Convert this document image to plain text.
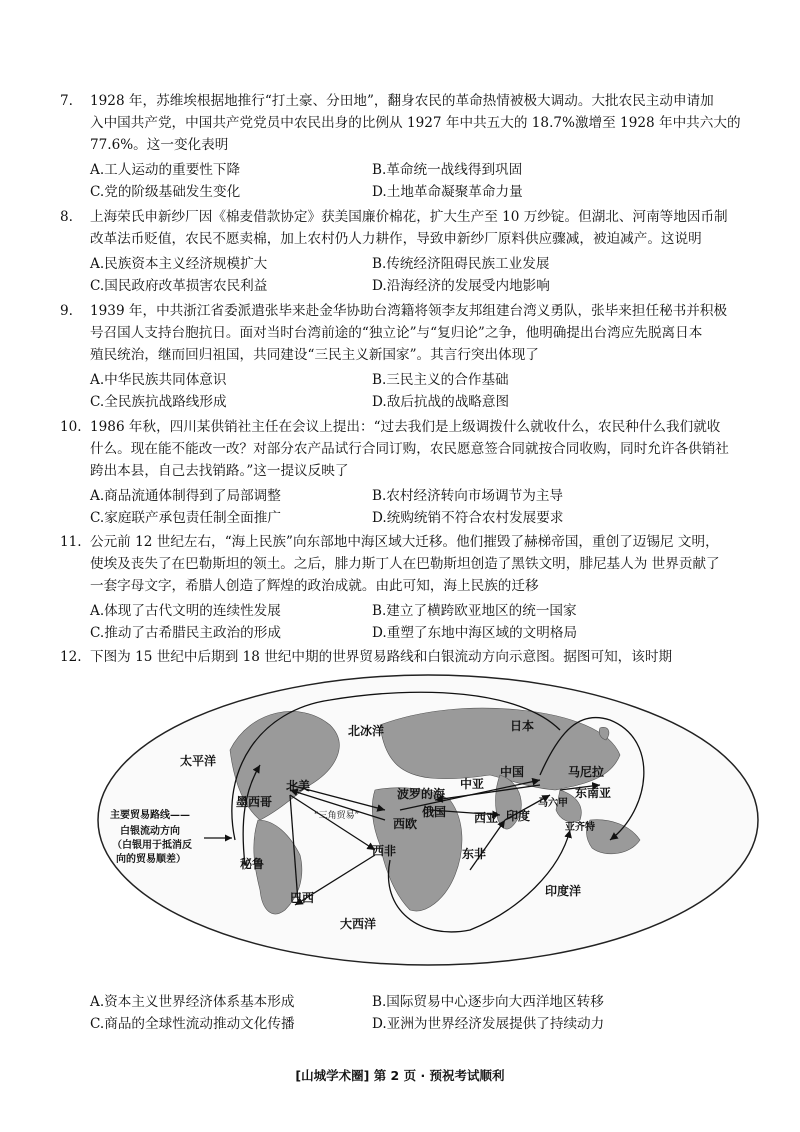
7. 1928 年，苏维埃根据地推行“打土豪、分田地”，翻身农民的革命热情被极大调动。大批农民主动申请加
入中国共产党，中国共产党党员中农民出身的比例从 1927 年中共五大的 18.7%激增至 1928 年中共六大的
77.6%。这一变化表明
A.工人运动的重要性下降	B.革命统一战线得到巩固
C.党的阶级基础发生变化	D.土地革命凝聚革命力量
8. 上海荣氏申新纱厂因《棉麦借款协定》获美国廉价棉花，扩大生产至 10 万纱锭。但湖北、河南等地因币制
改革法币贬值，农民不愿卖棉，加上农村仍人力耕作，导致申新纱厂原料供应骤减，被迫减产。这说明
A.民族资本主义经济规模扩大	B.传统经济阻碍民族工业发展
C.国民政府改革损害农民利益	D.沿海经济的发展受内地影响
9. 1939 年，中共浙江省委派遣张毕来赴金华协助台湾籍将领李友邦组建台湾义勇队，张毕来担任秘书并积极
号召国人支持台胞抗日。面对当时台湾前途的“独立论”与“复归论”之争，他明确提出台湾应先脱离日本
殖民统治，继而回归祖国，共同建设“三民主义新国家”。其言行突出体现了
A.中华民族共同体意识	B.三民主义的合作基础
C.全民族抗战路线形成	D.敌后抗战的战略意图
10. 1986 年秋，四川某供销社主任在会议上提出：“过去我们是上级调拨什么就收什么，农民种什么我们就收
什么。现在能不能改一改？对部分农产品试行合同订购，农民愿意签合同就按合同收购，同时允许各供销社
跨出本县，自己去找销路。”这一提议反映了
A.商品流通体制得到了局部调整	B.农村经济转向市场调节为主导
C.家庭联产承包责任制全面推广	D.统购统销不符合农村发展要求
11. 公元前 12 世纪左右，“海上民族”向东部地中海区域大迁移。他们摧毁了赫梯帝国，重创了迈锡尼 文明，
使埃及丧失了在巴勒斯坦的领土。之后，腓力斯丁人在巴勒斯坦创造了黑铁文明，腓尼基人为 世界贡献了
一套字母文字，希腊人创造了辉煌的政治成就。由此可知，海上民族的迁移
A.体现了古代文明的连续性发展	B.建立了横跨欧亚地区的统一国家
C.推动了古希腊民主政治的形成	D.重塑了东地中海区域的文明格局
12. 下图为 15 世纪中后期到 18 世纪中期的世界贸易路线和白银流动方向示意图。据图可知，该时期
A.资本主义世界经济体系基本形成	B.国际贸易中心逐步向大西洋地区转移
C.商品的全球性流动推动文化传播	D.亚洲为世界经济发展提供了持续动力
太平洋
北冰洋
大西洋
印度洋
北美
墨西哥
秘鲁
巴西
“三角贸易”
西欧
波罗的海
俄国
中亚
西亚 印度
中国
日本
马尼拉
马六甲
东南亚
亚齐特
西非	东非
主要贸易路线——
白银流动方向
（白银用于抵消反
向的贸易顺差）
[山城学术圈] 第 2 页 · 预祝考试顺利
